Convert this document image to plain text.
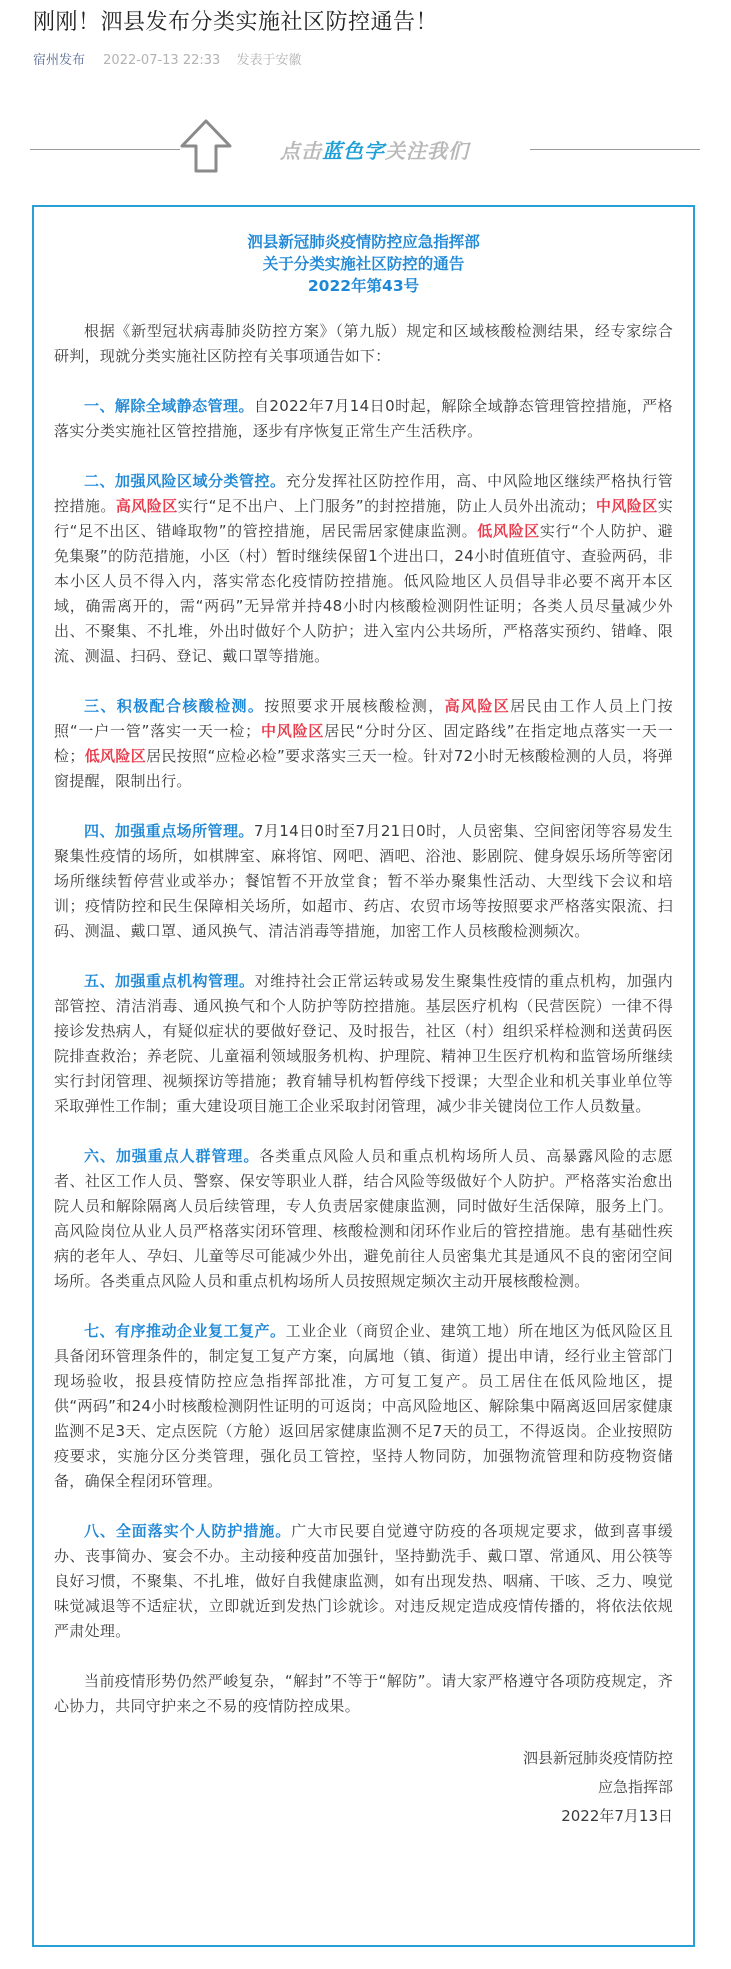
刚刚！泗县发布分类实施社区防控通告！
宿州发布 2022-07-13 22:33 发表于安徽
点击蓝色字关注我们
泗县新冠肺炎疫情防控应急指挥部
关于分类实施社区防控的通告
2022年第43号

根据《新型冠状病毒肺炎防控方案》（第九版）规定和区域核酸检测结果，经专家综合研判，现就分类实施社区防控有关事项通告如下：

一、解除全域静态管理。自2022年7月14日0时起，解除全域静态管理管控措施，严格落实分类实施社区管控措施，逐步有序恢复正常生产生活秩序。

二、加强风险区域分类管控。充分发挥社区防控作用，高、中风险地区继续严格执行管控措施。高风险区实行“足不出户、上门服务”的封控措施，防止人员外出流动；中风险区实行“足不出区、错峰取物”的管控措施，居民需居家健康监测。低风险区实行“个人防护、避免集聚”的防范措施，小区（村）暂时继续保留1个进出口，24小时值班值守、查验两码，非本小区人员不得入内，落实常态化疫情防控措施。低风险地区人员倡导非必要不离开本区域，确需离开的，需“两码”无异常并持48小时内核酸检测阴性证明；各类人员尽量减少外出、不聚集、不扎堆，外出时做好个人防护；进入室内公共场所，严格落实预约、错峰、限流、测温、扫码、登记、戴口罩等措施。

三、积极配合核酸检测。按照要求开展核酸检测，高风险区居民由工作人员上门按照“一户一管”落实一天一检；中风险区居民“分时分区、固定路线”在指定地点落实一天一检；低风险区居民按照“应检必检”要求落实三天一检。针对72小时无核酸检测的人员，将弹窗提醒，限制出行。

四、加强重点场所管理。7月14日0时至7月21日0时，人员密集、空间密闭等容易发生聚集性疫情的场所，如棋牌室、麻将馆、网吧、酒吧、浴池、影剧院、健身娱乐场所等密闭场所继续暂停营业或举办；餐馆暂不开放堂食；暂不举办聚集性活动、大型线下会议和培训；疫情防控和民生保障相关场所，如超市、药店、农贸市场等按照要求严格落实限流、扫码、测温、戴口罩、通风换气、清洁消毒等措施，加密工作人员核酸检测频次。

五、加强重点机构管理。对维持社会正常运转或易发生聚集性疫情的重点机构，加强内部管控、清洁消毒、通风换气和个人防护等防控措施。基层医疗机构（民营医院）一律不得接诊发热病人，有疑似症状的要做好登记、及时报告，社区（村）组织采样检测和送黄码医院排查救治；养老院、儿童福利领域服务机构、护理院、精神卫生医疗机构和监管场所继续实行封闭管理、视频探访等措施；教育辅导机构暂停线下授课；大型企业和机关事业单位等采取弹性工作制；重大建设项目施工企业采取封闭管理，减少非关键岗位工作人员数量。

六、加强重点人群管理。各类重点风险人员和重点机构场所人员、高暴露风险的志愿者、社区工作人员、警察、保安等职业人群，结合风险等级做好个人防护。严格落实治愈出院人员和解除隔离人员后续管理，专人负责居家健康监测，同时做好生活保障，服务上门。高风险岗位从业人员严格落实闭环管理、核酸检测和闭环作业后的管控措施。患有基础性疾病的老年人、孕妇、儿童等尽可能减少外出，避免前往人员密集尤其是通风不良的密闭空间场所。各类重点风险人员和重点机构场所人员按照规定频次主动开展核酸检测。

七、有序推动企业复工复产。工业企业（商贸企业、建筑工地）所在地区为低风险区且具备闭环管理条件的，制定复工复产方案，向属地（镇、街道）提出申请，经行业主管部门现场验收，报县疫情防控应急指挥部批准，方可复工复产。员工居住在低风险地区，提供“两码”和24小时核酸检测阴性证明的可返岗；中高风险地区、解除集中隔离返回居家健康监测不足3天、定点医院（方舱）返回居家健康监测不足7天的员工，不得返岗。企业按照防疫要求，实施分区分类管理，强化员工管控，坚持人物同防，加强物流管理和防疫物资储备，确保全程闭环管理。

八、全面落实个人防护措施。广大市民要自觉遵守防疫的各项规定要求，做到喜事缓办、丧事简办、宴会不办。主动接种疫苗加强针，坚持勤洗手、戴口罩、常通风、用公筷等良好习惯，不聚集、不扎堆，做好自我健康监测，如有出现发热、咽痛、干咳、乏力、嗅觉味觉减退等不适症状，立即就近到发热门诊就诊。对违反规定造成疫情传播的，将依法依规严肃处理。

当前疫情形势仍然严峻复杂，“解封”不等于“解防”。请大家严格遵守各项防疫规定，齐心协力，共同守护来之不易的疫情防控成果。

泗县新冠肺炎疫情防控
应急指挥部
2022年7月13日
